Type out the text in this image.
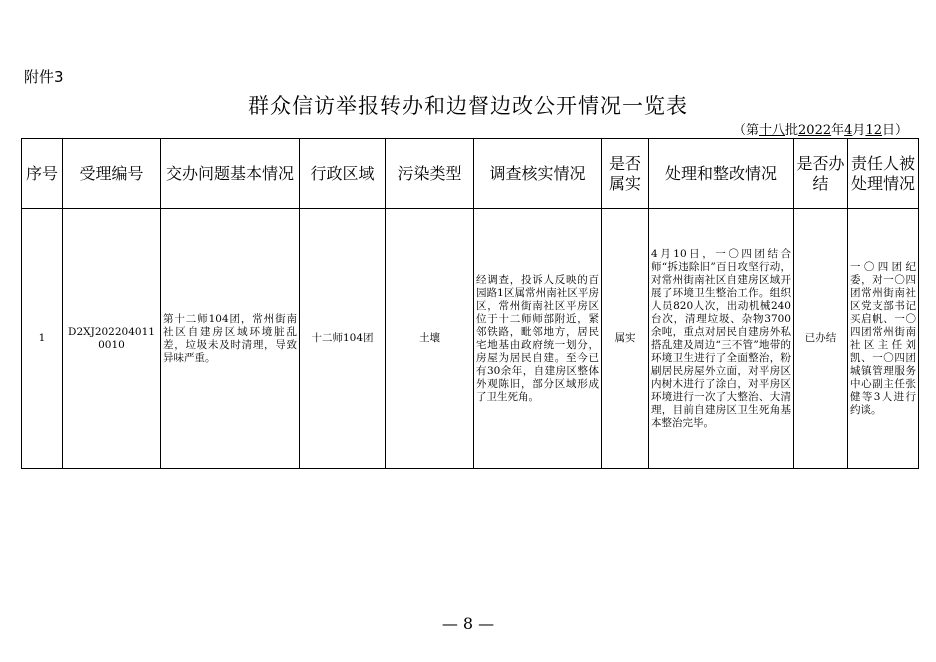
附件3
群众信访举报转办和边督边改公开情况一览表
（第十八批2022年4月12日）
序号	受理编号	交办问题基本情况	行政区域	污染类型	调查核实情况	是否属实	处理和整改情况	是否办结	责任人被处理情况
1	D2XJ2022040110010	第十二师104团，常州街南社区自建房区域环境脏乱差，垃圾未及时清理，导致异味严重。	十二师104团	土壤	经调查，投诉人反映的百园路1区属常州南社区平房区，常州街南社区平房区位于十二师师部附近，紧邻铁路，毗邻地方，居民宅地基由政府统一划分，房屋为居民自建。至今已有30余年，自建房区整体外观陈旧，部分区域形成了卫生死角。	属实	4月10日，一〇四团结合师“拆违除旧”百日攻坚行动，对常州街南社区自建房区域开展了环境卫生整治工作。组织人员820人次，出动机械240台次，清理垃圾、杂物3700余吨，重点对居民自建房外私搭乱建及周边“三不管”地带的环境卫生进行了全面整治，粉刷居民房屋外立面，对平房区内树木进行了涂白，对平房区环境进行一次了大整治、大清理，目前自建房区卫生死角基本整治完毕。	已办结	一〇四团纪委，对一〇四团常州街南社区党支部书记买启帆、一〇四团常州街南社区主任刘凯、一〇四团城镇管理服务中心副主任张健等3人进行约谈。
— 8 —
